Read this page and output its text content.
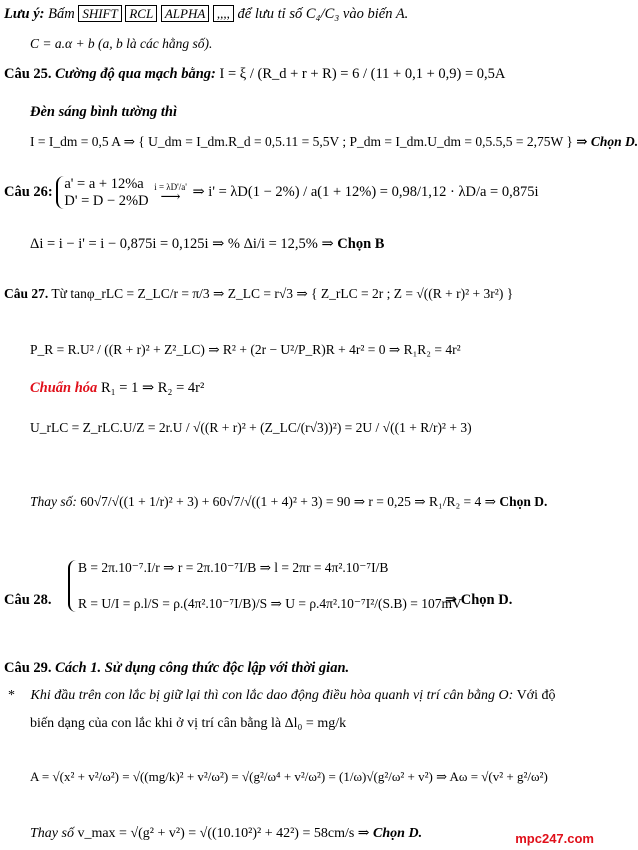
Lưu ý: Bấm SHIFT RCL ALPHA ,,,, để lưu tỉ số C₄/C₃ vào biến A.
C = a.α + b (a, b là các hằng số).
Câu 25. Cường độ qua mạch bằng: I = ξ / (R_d + r + R) = 6 / (11 + 0,1 + 0,9) = 0,5A
Đèn sáng bình tường thì
I = I_dm = 0,5 A ⇒ { U_dm = I_dm.R_d = 0,5.11 = 5,5V ; P_dm = I_dm.U_dm = 0,5.5,5 = 2,75W } ⇒ Chọn D.
Câu 26: a' = a + 12%a
D' = D − 2%D

i = λD'/a'
⟶ ⇒ i' = λD(1 − 2%) / a(1 + 12%) = 0,98/1,12 · λD/a = 0,875i
Δi = i − i' = i − 0,875i = 0,125i ⇒ % Δi/i = 12,5% ⇒ Chọn B
Câu 27. Từ tanφ_rLC = Z_LC/r = π/3 ⇒ Z_LC = r√3 ⇒ { Z_rLC = 2r ; Z = √((R + r)² + 3r²) }
P_R = R.U² / ((R + r)² + Z²_LC) ⇒ R² + (2r − U²/P_R)R + 4r² = 0 ⇒ R₁R₂ = 4r²
Chuẩn hóa R₁ = 1 ⇒ R₂ = 4r²
U_rLC = Z_rLC.U/Z = 2r.U / √((R + r)² + (Z_LC/(r√3))²) = 2U / √((1 + R/r)² + 3)
Thay số: 60√7/√((1 + 1/r)² + 3) + 60√7/√((1 + 4)² + 3) = 90 ⇒ r = 0,25 ⇒ R₁/R₂ = 4 ⇒ Chọn D.
Câu 28.
B = 2π.10⁻⁷.I/r ⇒ r = 2π.10⁻⁷I/B ⇒ l = 2πr = 4π².10⁻⁷I/B
R = U/I = ρ.l/S = ρ.(4π².10⁻⁷I/B)/S ⇒ U = ρ.4π².10⁻⁷I²/(S.B) = 107mV
⇒ Chọn D.
Câu 29. Cách 1. Sử dụng công thức độc lập với thời gian.
* Khi đầu trên con lắc bị giữ lại thì con lắc dao động điều hòa quanh vị trí cân bằng O: Với độ
biến dạng của con lắc khi ở vị trí cân bằng là Δl₀ = mg/k
A = √(x² + v²/ω²) = √((mg/k)² + v²/ω²) = √(g²/ω⁴ + v²/ω²) = (1/ω)√(g²/ω² + v²) ⇒ Aω = √(v² + g²/ω²)
Thay số v_max = √(g² + v²) = √((10.10²)² + 42²) = 58cm/s ⇒ Chọn D.	mpc247.com
